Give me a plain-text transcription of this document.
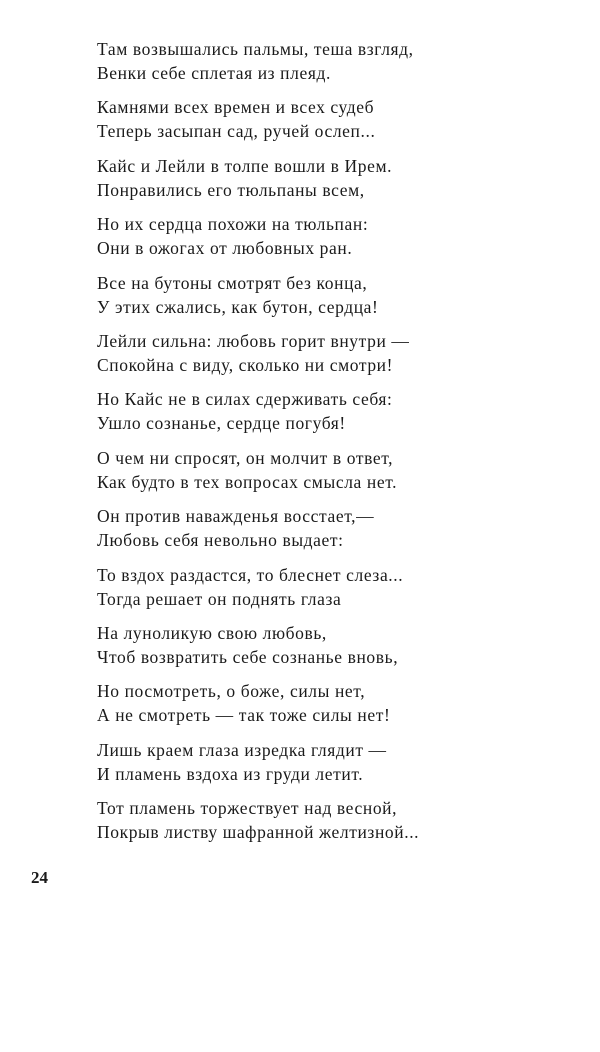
Там возвышались пальмы, теша взгляд,
Венки себе сплетая из плеяд.
Камнями всех времен и всех судеб
Теперь засыпан сад, ручей ослеп...
Кайс и Лейли в толпе вошли в Ирем.
Понравились его тюльпаны всем,
Но их сердца похожи на тюльпан:
Они в ожогах от любовных ран.
Все на бутоны смотрят без конца,
У этих сжались, как бутон, сердца!
Лейли сильна: любовь горит внутри —
Спокойна с виду, сколько ни смотри!
Но Кайс не в силах сдерживать себя:
Ушло сознанье, сердце погубя!
О чем ни спросят, он молчит в ответ,
Как будто в тех вопросах смысла нет.
Он против наважденья восстает,—
Любовь себя невольно выдает:
То вздох раздастся, то блеснет слеза...
Тогда решает он поднять глаза
На луноликую свою любовь,
Чтоб возвратить себе сознанье вновь,
Но посмотреть, о боже, силы нет,
А не смотреть — так тоже силы нет!
Лишь краем глаза изредка глядит —
И пламень вздоха из груди летит.
Тот пламень торжествует над весной,
Покрыв листву шафранной желтизной...
24
